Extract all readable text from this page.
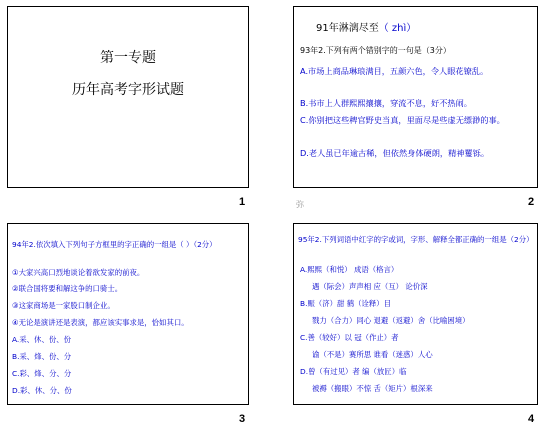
第一专题
历年高考字形试题
1
91年淋漓尽至（ zhì）
93年2.下列有两个错别字的一句是（3分）
A.市场上商品琳琅满目，五颜六色，令人眼花镣乱。
B.书市上人群熙熙攘攘，穿流不息，好不热闹。
C.你别把这些稗官野史当真，里面尽是些虚无缥渺的事。
D.老人虽已年逾古稀，但依然身体硬朗，精神矍铄。
2
弥
94年2.依次填入下列句子方框里的字正确的一组是（ ）（2分）
①大家兴高口烈地谈论着欲发家的前夜。
②联合国将要和解这争的口骑士。
③这家商场是一家股口制企业。
④无论是演讲还是表演，都应该实事求是，恰如其口。
A.采、休、份、份
B.采、烽、份、分
C.彩、烽、分、分
D.彩、休、分、份
3
95年2.下列词语中红字的字或词，字形、解释全都正确的一组是（2分）
A.熙熙（和悦） 成语（格言）
遇（际会）声声相 应（互） 论价深
B.赈（济）甜 鹤（诠释）目
戮力（合力）同心 退避（返避）舍（比喻困境）
C.善（较好）以 冠（作止）者
谕（不是）赛所思 谁看（迷惑）人心
D.曾（有过见）者 编（放匠）临
被褥（搬眼）不惊 舌（矩片）根深来
4
